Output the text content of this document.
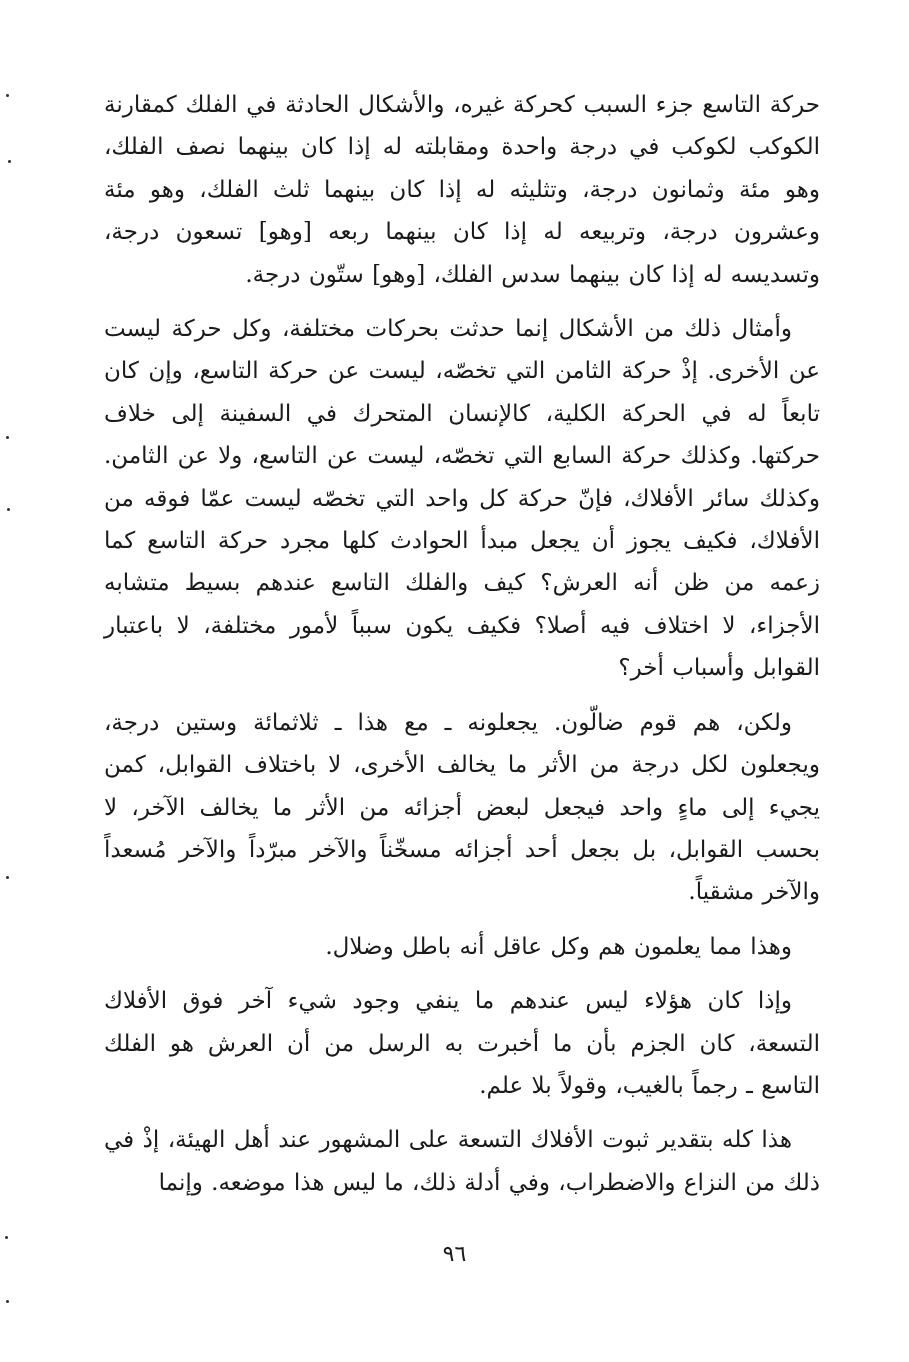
حركة التاسع جزء السبب كحركة غيره، والأشكال الحادثة في الفلك كمقارنة الكوكب لكوكب في درجة واحدة ومقابلته له إذا كان بينهما نصف الفلك، وهو مئة وثمانون درجة، وتثليثه له إذا كان بينهما ثلث الفلك، وهو مئة وعشرون درجة، وتربيعه له إذا كان بينهما ربعه [وهو] تسعون درجة، وتسديسه له إذا كان بينهما سدس الفلك، [وهو] ستّون درجة.

وأمثال ذلك من الأشكال إنما حدثت بحركات مختلفة، وكل حركة ليست عن الأخرى. إذْ حركة الثامن التي تخصّه، ليست عن حركة التاسع، وإن كان تابعاً له في الحركة الكلية، كالإنسان المتحرك في السفينة إلى خلاف حركتها. وكذلك حركة السابع التي تخصّه، ليست عن التاسع، ولا عن الثامن. وكذلك سائر الأفلاك، فإنّ حركة كل واحد التي تخصّه ليست عمّا فوقه من الأفلاك، فكيف يجوز أن يجعل مبدأ الحوادث كلها مجرد حركة التاسع كما زعمه من ظن أنه العرش؟ كيف والفلك التاسع عندهم بسيط متشابه الأجزاء، لا اختلاف فيه أصلا؟ فكيف يكون سبباً لأمور مختلفة، لا باعتبار القوابل وأسباب أخر؟

ولكن، هم قوم ضالّون. يجعلونه ـ مع هذا ـ ثلاثمائة وستين درجة، ويجعلون لكل درجة من الأثر ما يخالف الأخرى، لا باختلاف القوابل، كمن يجيء إلى ماءٍ واحد فيجعل لبعض أجزائه من الأثر ما يخالف الآخر، لا بحسب القوابل، بل بجعل أحد أجزائه مسخّناً والآخر مبرّداً والآخر مُسعداً والآخر مشقياً.

وهذا مما يعلمون هم وكل عاقل أنه باطل وضلال.

وإذا كان هؤلاء ليس عندهم ما ينفي وجود شيء آخر فوق الأفلاك التسعة، كان الجزم بأن ما أخبرت به الرسل من أن العرش هو الفلك التاسع ـ رجماً بالغيب، وقولاً بلا علم.

هذا كله بتقدير ثبوت الأفلاك التسعة على المشهور عند أهل الهيئة، إذْ في ذلك من النزاع والاضطراب، وفي أدلة ذلك، ما ليس هذا موضعه. وإنما

٩٦
